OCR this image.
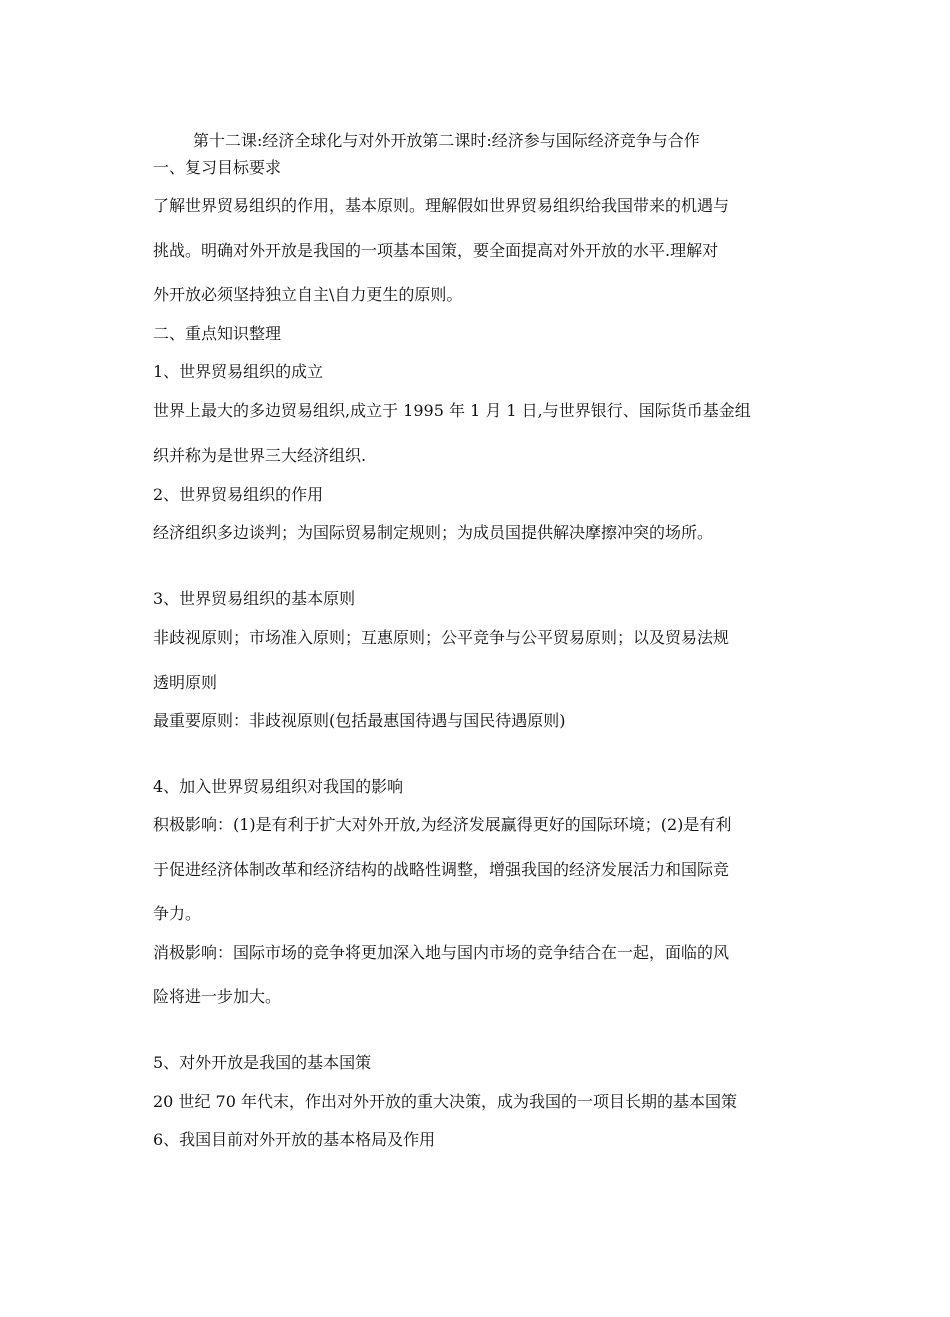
第十二课:经济全球化与对外开放第二课时:经济参与国际经济竞争与合作
一、复习目标要求
了解世界贸易组织的作用，基本原则。理解假如世界贸易组织给我国带来的机遇与
挑战。明确对外开放是我国的一项基本国策，要全面提高对外开放的水平.理解对
外开放必须坚持独立自主\自力更生的原则。
二、重点知识整理
1、世界贸易组织的成立
世界上最大的多边贸易组织,成立于 1995 年 1 月 1 日,与世界银行、国际货币基金组
织并称为是世界三大经济组织.
2、世界贸易组织的作用
经济组织多边谈判；为国际贸易制定规则；为成员国提供解决摩擦冲突的场所。
3、世界贸易组织的基本原则
非歧视原则；市场准入原则；互惠原则；公平竞争与公平贸易原则；以及贸易法规
透明原则
最重要原则：非歧视原则(包括最惠国待遇与国民待遇原则)
4、加入世界贸易组织对我国的影响
积极影响：(1)是有利于扩大对外开放,为经济发展赢得更好的国际环境；(2)是有利
于促进经济体制改革和经济结构的战略性调整，增强我国的经济发展活力和国际竞
争力。
消极影响：国际市场的竞争将更加深入地与国内市场的竞争结合在一起，面临的风
险将进一步加大。
5、对外开放是我国的基本国策
20 世纪 70 年代末，作出对外开放的重大决策，成为我国的一项目长期的基本国策
6、我国目前对外开放的基本格局及作用
